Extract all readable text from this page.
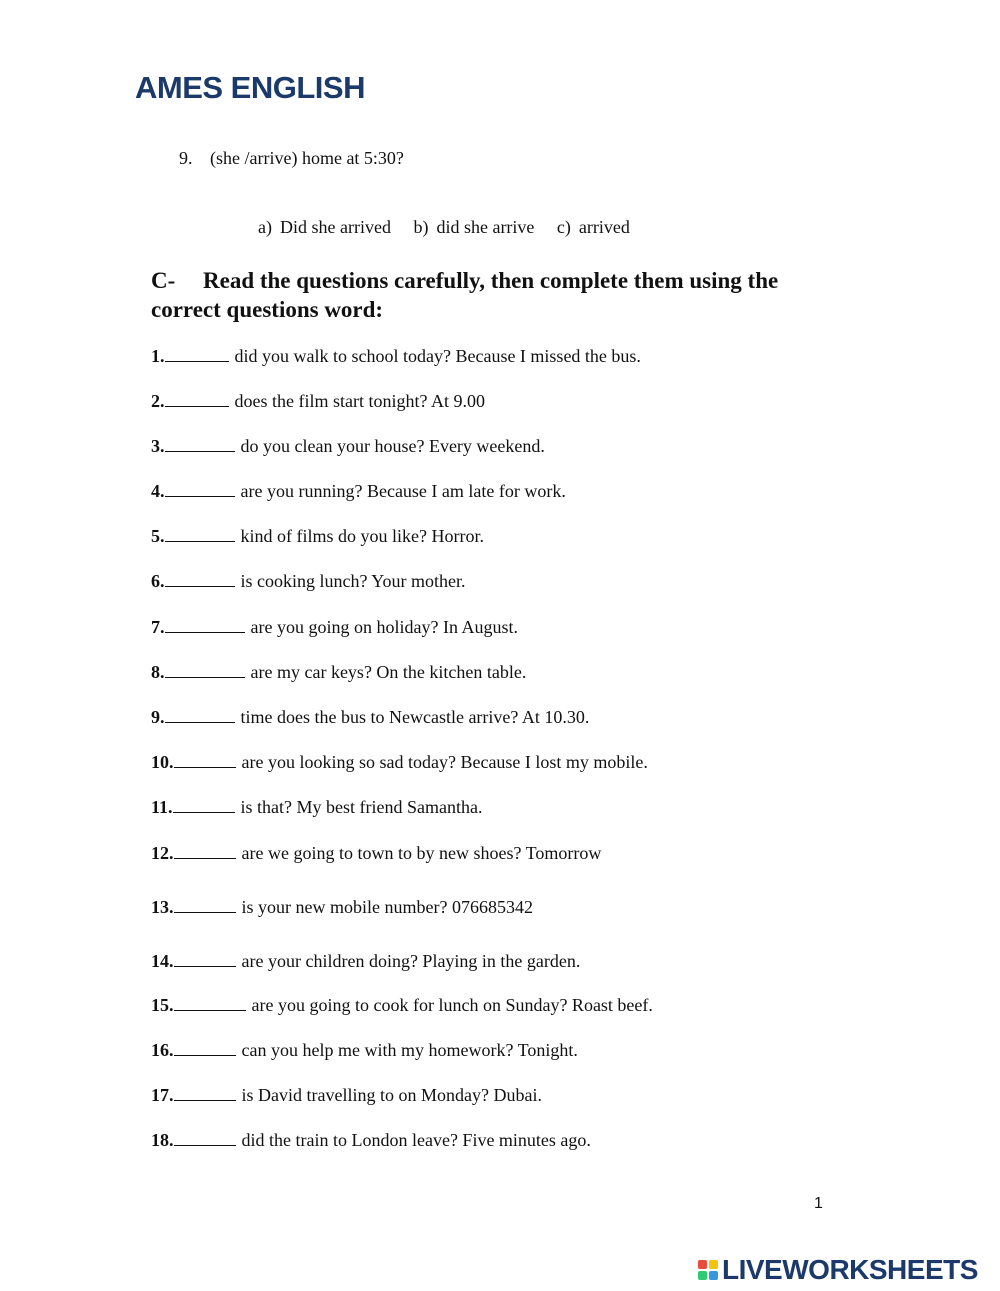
AMES ENGLISH
9. (she /arrive) home at 5:30?
a) Did she arrived b) did she arrive c) arrived
C- Read the questions carefully, then complete them using the correct questions word:
1.	did you walk to school today? Because I missed the bus.
2.	does the film start tonight? At 9.00
3.	do you clean your house? Every weekend.
4.	are you running? Because I am late for work.
5.	kind of films do you like? Horror.
6.	is cooking lunch? Your mother.
7.	are you going on holiday? In August.
8.	are my car keys? On the kitchen table.
9.	time does the bus to Newcastle arrive? At 10.30.
10.	are you looking so sad today? Because I lost my mobile.
11.	is that? My best friend Samantha.
12.	are we going to town to by new shoes? Tomorrow
13.	is your new mobile number? 076685342
14.	are your children doing? Playing in the garden.
15.	are you going to cook for lunch on Sunday? Roast beef.
16.	can you help me with my homework? Tonight.
17.	is David travelling to on Monday? Dubai.
18.	did the train to London leave? Five minutes ago.
1
LIVEWORKSHEETS
